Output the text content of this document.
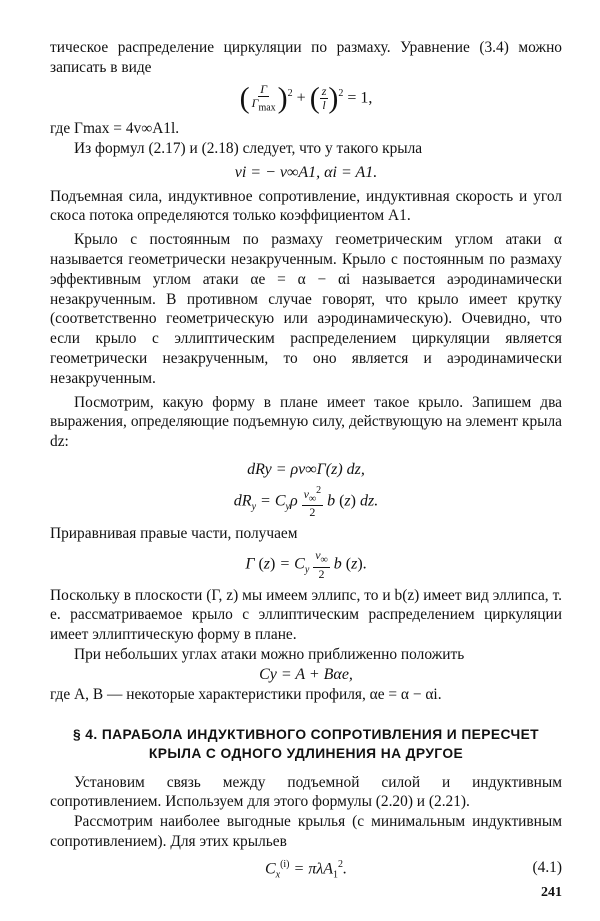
тическое распределение циркуляции по размаху. Уравнение (3.4) можно записать в виде

( $\frac{\Gamma}{\Gamma_{max}} )^2$ + ( $\frac{z}{l} )^2 = 1$,

где Γmax = 4v∞A1l.

Из формул (2.17) и (2.18) следует, что у такого крыла

vi = − v∞A1, αi = A1.

Подъемная сила, индуктивное сопротивление, индуктивная скорость и угол скоса потока определяются только коэффициентом A1.

Крыло с постоянным по размаху геометрическим углом атаки α называется геометрически незакрученным. Крыло с постоянным по размаху эффективным углом атаки αe = α − αi называется аэродинамически незакрученным. В противном случае говорят, что крыло имеет крутку (соответственно геометрическую или аэродинамическую). Очевидно, что если крыло с эллиптическим распределением циркуляции является геометрически незакрученным, то оно является и аэродинамически незакрученным.

Посмотрим, какую форму в плане имеет такое крыло. Запишем два выражения, определяющие подъемную силу, действующую на элемент крыла dz:

dRy = ρv∞Γ(z) dz,
$dR_y = C_y\rho \frac{v_\infty^2}{2}$ b (z) dz.

Приравнивая правые части, получаем

Γ $(z) = C_y \frac{v_\infty}{2}$ b (z).

Поскольку в плоскости (Γ, z) мы имеем эллипс, то и b(z) имеет вид эллипса, т. е. рассматриваемое крыло с эллиптическим распределением циркуляции имеет эллиптическую форму в плане.

При небольших углах атаки можно приближенно положить

Cy = A + Bαe,

где A, B — некоторые характеристики профиля, αe = α − αi.

§ 4. ПАРАБОЛА ИНДУКТИВНОГО СОПРОТИВЛЕНИЯ И ПЕРЕСЧЕТ КРЫЛА С ОДНОГО УДЛИНЕНИЯ НА ДРУГОЕ

Установим связь между подъемной силой и индуктивным сопротивлением. Используем для этого формулы (2.20) и (2.21).

Рассмотрим наиболее выгодные крылья (с минимальным индуктивным сопротивлением). Для этих крыльев

$C_x^{(i)} = \pi\lambda A_1^2$.	(4.1)
241
